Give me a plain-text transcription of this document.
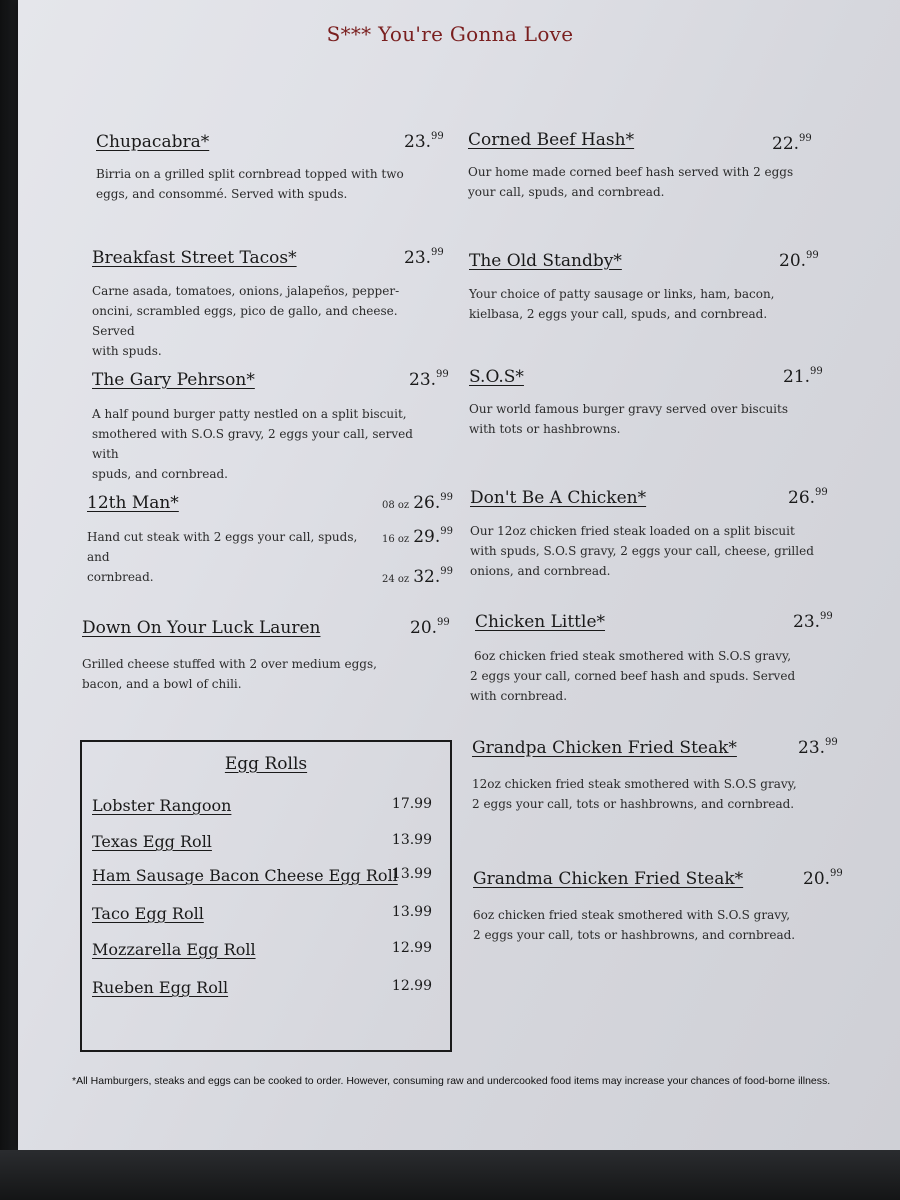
S*** You're Gonna Love
Chupacabra*	23.99
Birria on a grilled split cornbread topped with two
eggs, and consommé. Served with spuds.
Breakfast Street Tacos*	23.99
Carne asada, tomatoes, onions, jalapeños, pepper-
oncini, scrambled eggs, pico de gallo, and cheese. Served
with spuds.
The Gary Pehrson*	23.99
A half pound burger patty nestled on a split biscuit,
smothered with S.O.S gravy, 2 eggs your call, served with
spuds, and cornbread.
12th Man*	08 oz 26.99
16 oz 29.99
24 oz 32.99
Hand cut steak with 2 eggs your call, spuds, and
cornbread.
Down On Your Luck Lauren	20.99
Grilled cheese stuffed with 2 over medium eggs,
bacon, and a bowl of chili.
Corned Beef Hash*	22.99
Our home made corned beef hash served with 2 eggs
your call, spuds, and cornbread.
The Old Standby*	20.99
Your choice of patty sausage or links, ham, bacon,
kielbasa, 2 eggs your call, spuds, and cornbread.
S.O.S*	21.99
Our world famous burger gravy served over biscuits
with tots or hashbrowns.
Don't Be A Chicken*	26.99
Our 12oz chicken fried steak loaded on a split biscuit
with spuds, S.O.S gravy, 2 eggs your call, cheese, grilled
onions, and cornbread.
Chicken Little*	23.99
6oz chicken fried steak smothered with S.O.S gravy,
2 eggs your call, corned beef hash and spuds. Served
with cornbread.
Grandpa Chicken Fried Steak*	23.99
12oz chicken fried steak smothered with S.O.S gravy,
2 eggs your call, tots or hashbrowns, and cornbread.
Grandma Chicken Fried Steak*	20.99
6oz chicken fried steak smothered with S.O.S gravy,
2 eggs your call, tots or hashbrowns, and cornbread.
Egg Rolls
Lobster Rangoon	17.99
Texas Egg Roll	13.99
Ham Sausage Bacon Cheese Egg Roll
13.99
Taco Egg Roll	13.99
Mozzarella Egg Roll	12.99
Rueben Egg Roll	12.99
*All Hamburgers, steaks and eggs can be cooked to order. However, consuming raw and undercooked food items may increase your chances of food-borne illness.
